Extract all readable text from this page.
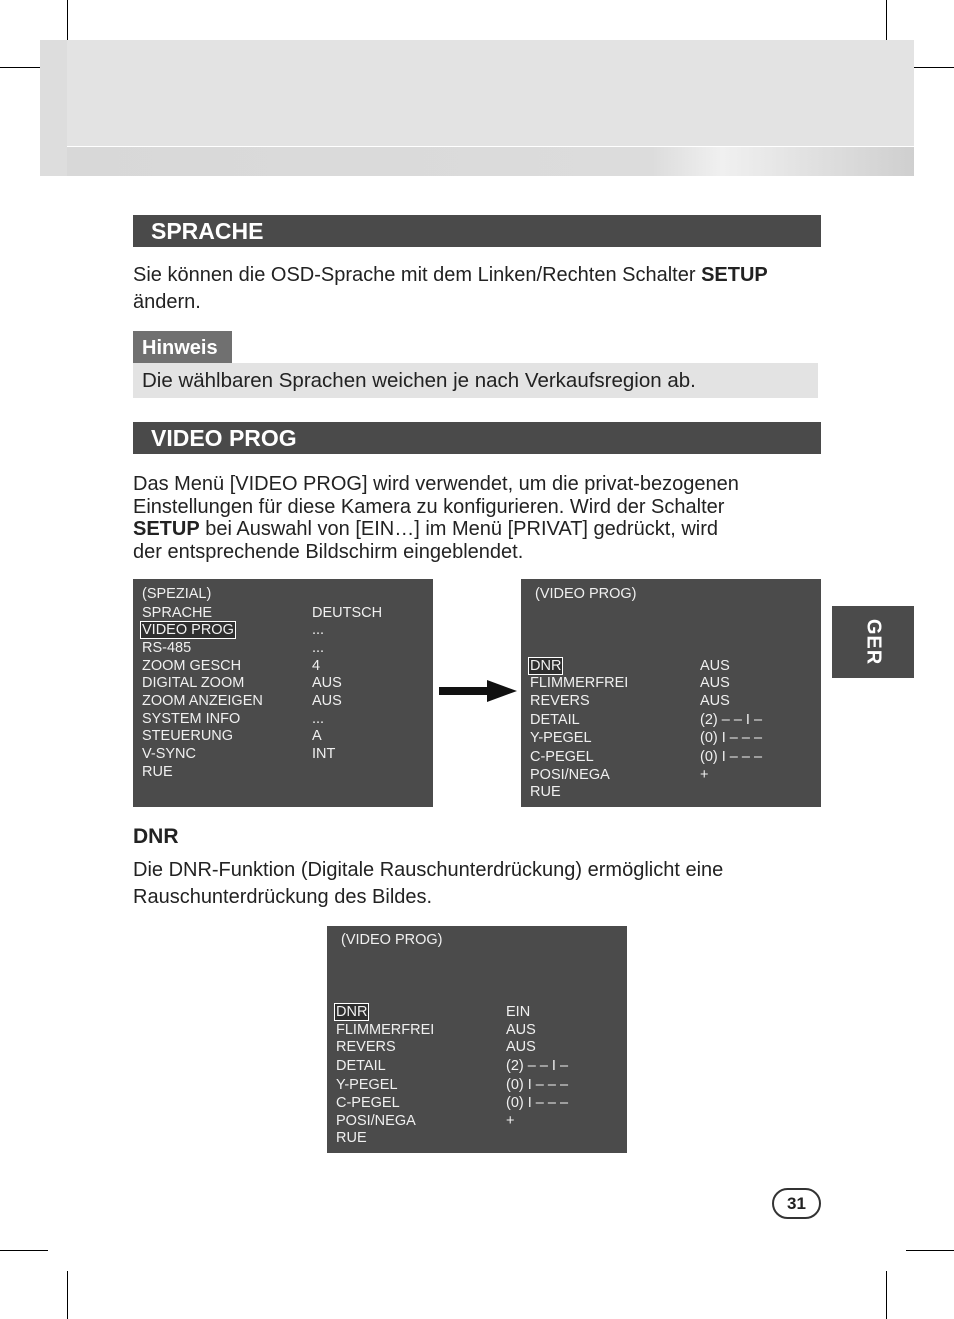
SPRACHE
Sie können die OSD-Sprache mit dem Linken/Rechten Schalter SETUP
ändern.
Hinweis
Die wählbaren Sprachen weichen je nach Verkaufsregion ab.
VIDEO PROG
Das Menü [VIDEO PROG] wird verwendet, um die privat-bezogenen
Einstellungen für diese Kamera zu konfigurieren. Wird der Schalter
SETUP bei Auswahl von [EIN…] im Menü [PRIVAT] gedrückt, wird
der entsprechende Bildschirm eingeblendet.
(SPEZIAL)
SPRACHE	DEUTSCH
VIDEO PROG	...
RS-485	...
ZOOM GESCH	4
DIGITAL ZOOM	AUS
ZOOM ANZEIGEN	AUS
SYSTEM INFO	...
STEUERUNG	A
V-SYNC	INT
RUE
(VIDEO PROG)
DNR	AUS
FLIMMERFREI	AUS
REVERS	AUS
DETAIL	(2) – – I –
Y-PEGEL	(0) I – – –
C-PEGEL	(0) I – – –
POSI/NEGA	+
RUE
GER
DNR
Die DNR-Funktion (Digitale Rauschunterdrückung) ermöglicht eine
Rauschunterdrückung des Bildes.
(VIDEO PROG)
DNR	EIN
FLIMMERFREI	AUS
REVERS	AUS
DETAIL	(2) – – I –
Y-PEGEL	(0) I – – –
C-PEGEL	(0) I – – –
POSI/NEGA	+
RUE
31
